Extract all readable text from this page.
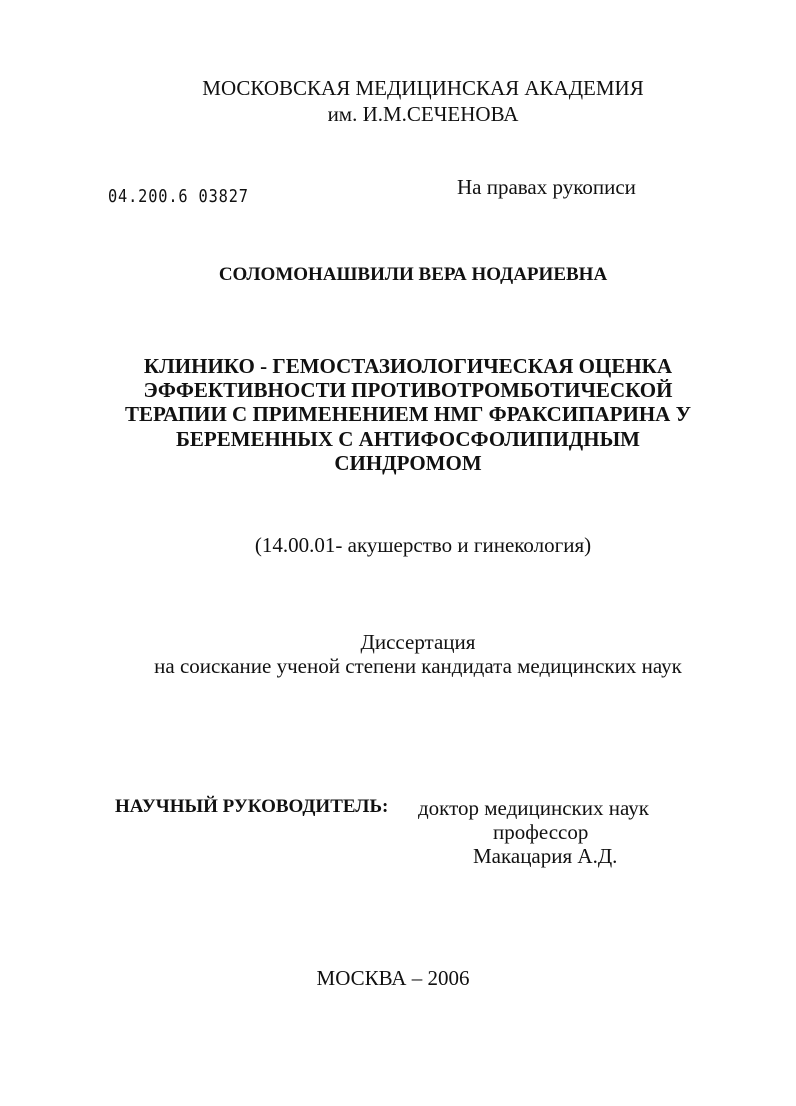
МОСКОВСКАЯ МЕДИЦИНСКАЯ АКАДЕМИЯ
им. И.М.СЕЧЕНОВА
04.200.6 03827	На правах рукописи
СОЛОМОНАШВИЛИ ВЕРА НОДАРИЕВНА
КЛИНИКО - ГЕМОСТАЗИОЛОГИЧЕСКАЯ ОЦЕНКА
ЭФФЕКТИВНОСТИ ПРОТИВОТРОМБОТИЧЕСКОЙ
ТЕРАПИИ С ПРИМЕНЕНИЕМ НМГ ФРАКСИПАРИНА У
БЕРЕМЕННЫХ С АНТИФОСФОЛИПИДНЫМ
СИНДРОМОМ
(14.00.01- акушерство и гинекология)
Диссертация
на соискание ученой степени кандидата медицинских наук
НАУЧНЫЙ РУКОВОДИТЕЛЬ: доктор медицинских наук
профессор
Макацария А.Д.
МОСКВА – 2006
